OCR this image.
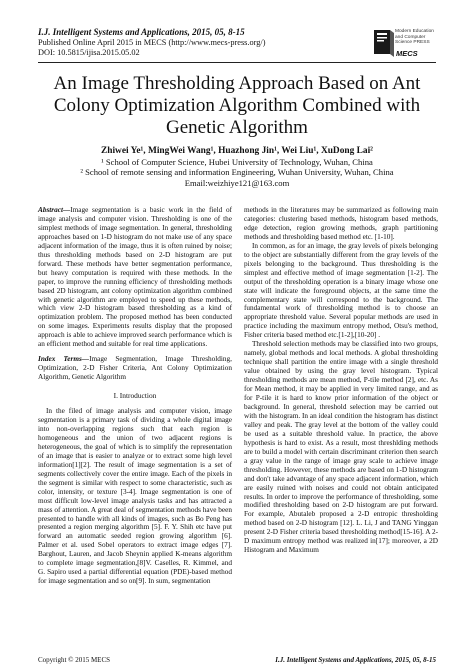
I.J. Intelligent Systems and Applications, 2015, 05, 8-15
Published Online April 2015 in MECS (http://www.mecs-press.org/)
DOI: 10.5815/ijisa.2015.05.02
Modern Education and Computer Science PRESS
MECS
An Image Thresholding Approach Based on Ant Colony Optimization Algorithm Combined with Genetic Algorithm
Zhiwei Ye¹, MingWei Wang¹, Huazhong Jin¹, Wei Liu¹, XuDong Lai²
¹ School of Computer Science, Hubei University of Technology, Wuhan, China
² School of remote sensing and information Engineering, Wuhan University, Wuhan, China
Email:weizhiye121@163.com

Abstract—Image segmentation is a basic work in the field of image analysis and computer vision. Thresholding is one of the simplest methods of image segmentation. In general, thresholding approaches based on 1-D histogram do not make use of any space adjacent information of the image, thus it is often ruined by noise; thus thresholding methods based on 2-D histogram are put forward. These methods have better segmentation performance, but heavy computation is required with these methods. In the paper, to improve the running efficiency of thresholding methods based 2D histogram, ant colony optimization algorithm combined with genetic algorithm are employed to speed up these methods, which view 2-D histogram based thresholding as a kind of optimization problem. The proposed method has been conducted on some images. Experiments results display that the proposed approach is able to achieve improved search performance which is an efficient method and suitable for real time applications.

Index Terms—Image Segmentation, Image Thresholding, Optimization, 2-D Fisher Criteria, Ant Colony Optimization Algorithm, Genetic Algorithm

I. Introduction

In the filed of image analysis and computer vision, image segmentation is a primary task of dividing a whole digital image into non-overlapping regions such that each region is homogeneous and the union of two adjacent regions is heterogeneous, the goal of which is to simplify the representation of an image that is easier to analyze or to extract some high level information[1][2]. The result of image segmentation is a set of segments collectively cover the entire image. Each of the pixels in the segment is similar with respect to some characteristic, such as color, intensity, or texture [3-4]. Image segmentation is one of most difficult low-level image analysis tasks and has attracted a mass of attention. A great deal of segmentation methods have been presented to handle with all kinds of images, such as Bo Peng has presented a region merging algorithm [5]. F. Y. Shih etc have put forward an automatic seeded region growing algorithm [6]. Palmer et al. used Sobel operators to extract image edges [7]. Barghout, Lauren, and Jacob Sheynin applied K-means algorithm to complete image segmentation,[8]V. Caselles, R. Kimmel, and G. Sapiro used a partial differential equation (PDE)-based method for image segmentation and so on[9]. In sum, segmentation

methods in the literatures may be summarized as following main categories: clustering based methods, histogram based methods, edge detection, region growing methods, graph partitioning methods and thresholding based method etc. [1-10].

In common, as for an image, the gray levels of pixels belonging to the object are substantially different from the gray levels of the pixels belonging to the background. Thus thresholding is the simplest and effective method of image segmentation [1-2]. The output of the thresholding operation is a binary image whose one state will indicate the foreground objects, at the same time the complementary state will correspond to the background. The fundamental work of thresholding method is to choose an appropriate threshold value. Several popular methods are used in practice including the maximum entropy method, Otsu's method, Fisher criteria based method etc.[1-2],[10-20] .

Threshold selection methods may be classified into two groups, namely, global methods and local methods. A global thresholding technique shall partition the entire image with a single threshold value obtained by using the gray level histogram. Typical thresholding methods are mean method, P-tile method [2], etc. As for Mean method, it may be applied in very limited range, and as for P-tile it is hard to know prior information of the object or background. In general, threshold selection may be carried out with the histogram. In an ideal condition the histogram has distinct valley and peak. The gray level at the bottom of the valley could be used as a suitable threshold value. In practice, the above hypothesis is hard to exist. As a result, most threshlding methods are to build a model with certain discriminant criterion then search a gray value in the range of image gray scale to achieve image thresholding. However, these methods are based on 1-D histogram and don't take advantage of any space adjacent information, which are easily ruined with noises and could not obtain anticipated results. In order to improve the performance of thresholding, some modified thresholding based on 2-D histogram are put forward. For example, Abutaleb proposed a 2-D entropic thresholding method based on 2-D histogram [12]. L. Li, J and TANG Yinggan present 2-D Fisher criteria based thresholding method[15-16]. A 2-D maximum entropy method was realized in[17]; moreover, a 2D Histogram and Maximum

Copyright © 2015 MECS	I.J. Intelligent Systems and Applications, 2015, 05, 8-15
